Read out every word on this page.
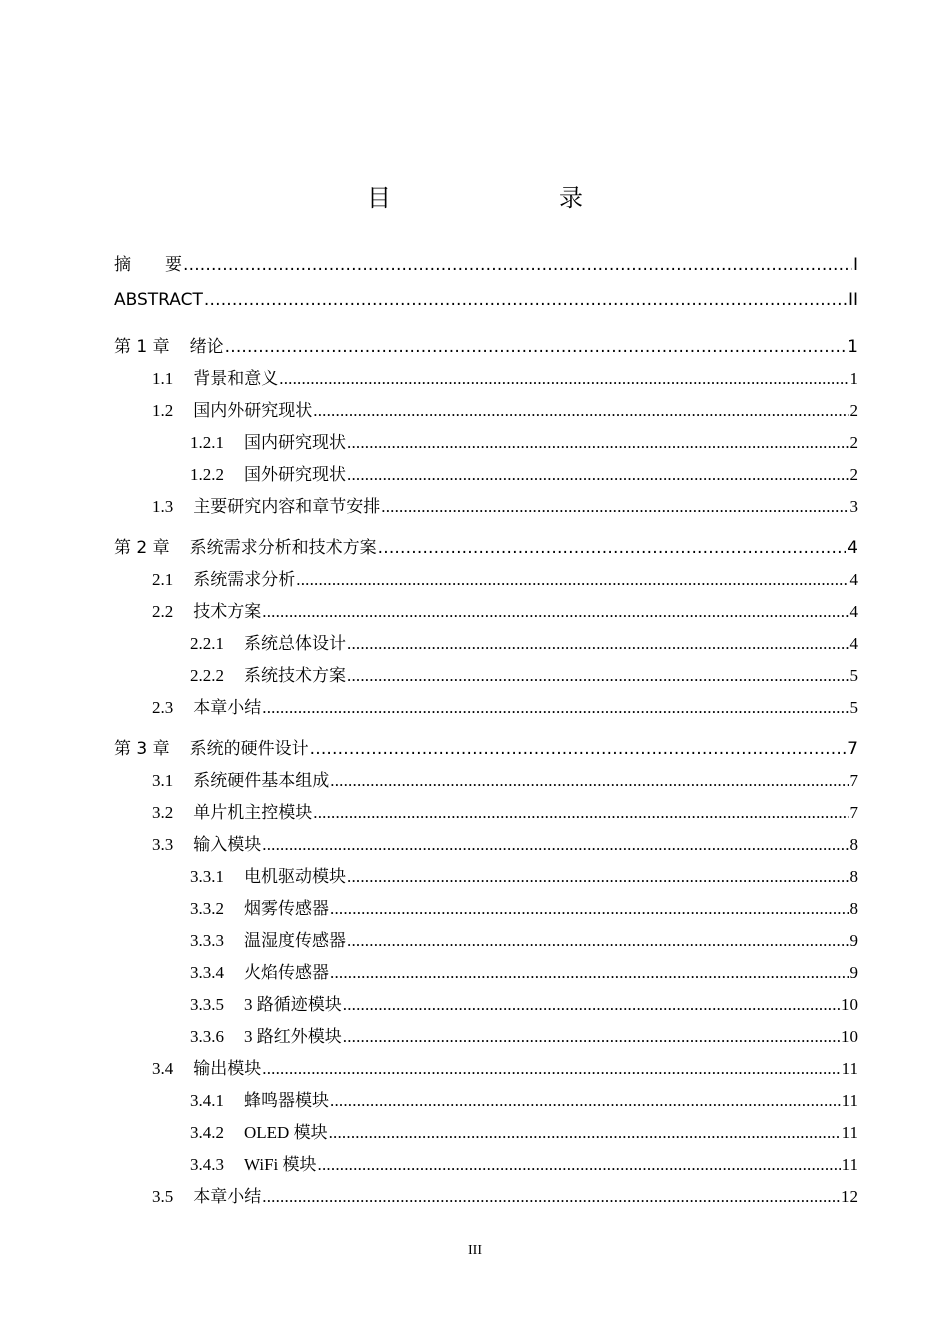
目　　录
摘　　要 .....	I
ABSTRACT .....	II
第 1 章 绪论 .....	1
1.1 背景和意义 .....	1
1.2 国内外研究现状 .....	2
1.2.1 国内研究现状 .....	2
1.2.2 国外研究现状 .....	2
1.3 主要研究内容和章节安排 .....	3
第 2 章 系统需求分析和技术方案 .....	4
2.1 系统需求分析 .....	4
2.2 技术方案 .....	4
2.2.1 系统总体设计 .....	4
2.2.2 系统技术方案 .....	5
2.3 本章小结 .....	5
第 3 章 系统的硬件设计 .....	7
3.1 系统硬件基本组成 .....	7
3.2 单片机主控模块 .....	7
3.3 输入模块 .....	8
3.3.1 电机驱动模块 .....	8
3.3.2 烟雾传感器 .....	8
3.3.3 温湿度传感器 .....	9
3.3.4 火焰传感器 .....	9
3.3.5 3 路循迹模块 .....	10
3.3.6 3 路红外模块 .....	10
3.4 输出模块 .....	11
3.4.1 蜂鸣器模块 .....	11
3.4.2 OLED 模块 .....	11
3.4.3 WiFi 模块 .....	11
3.5 本章小结 .....	12
III
